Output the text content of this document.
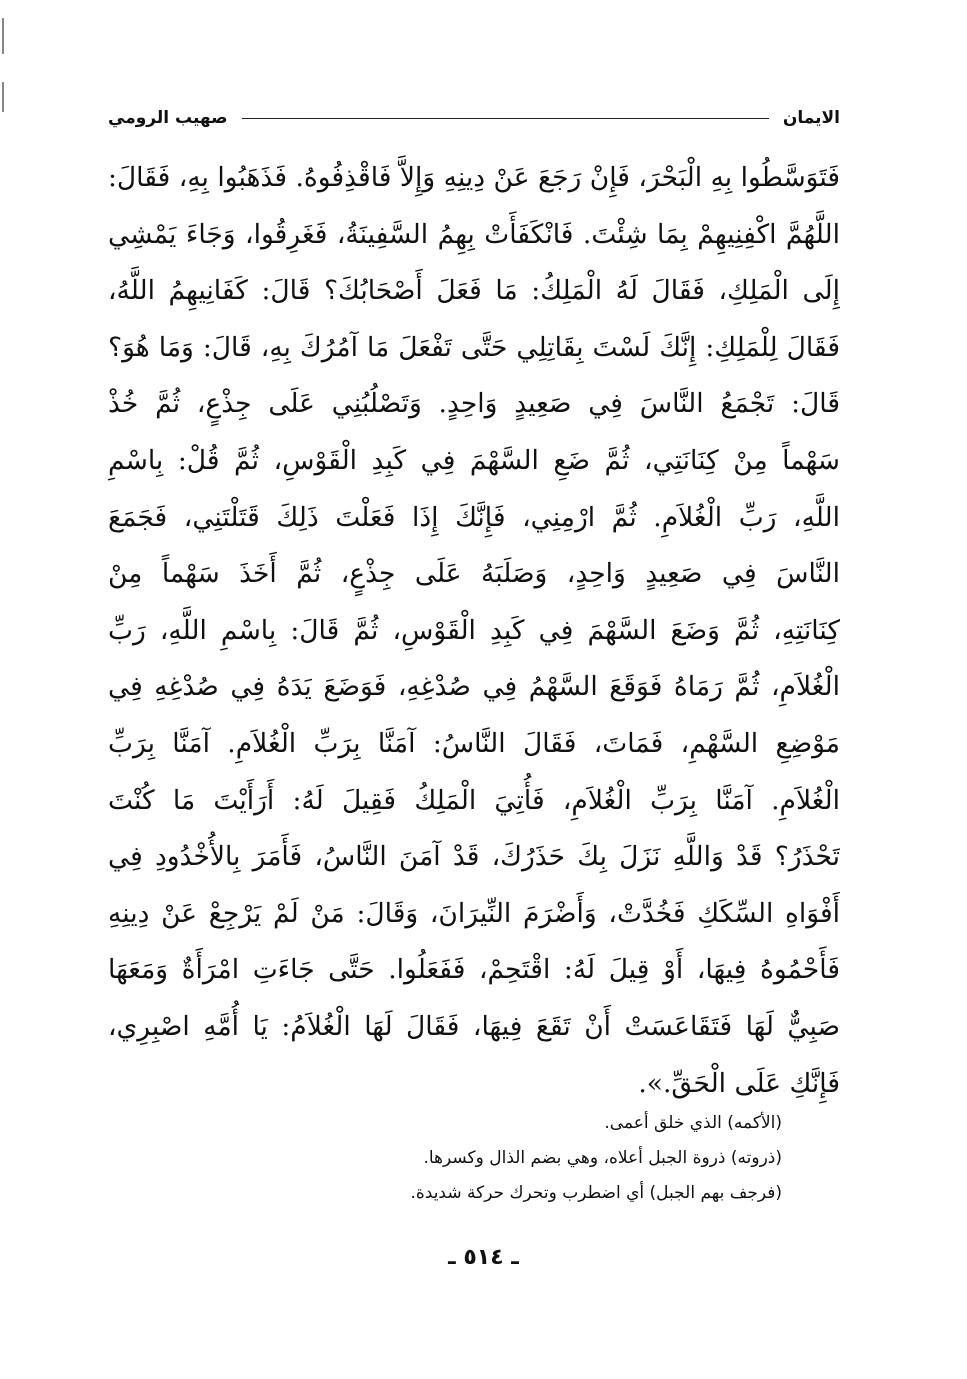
الايمان
صهيب الرومي
فَتَوَسَّطُوا بِهِ الْبَحْرَ، فَإِنْ رَجَعَ عَنْ دِينِهِ وَإِلاَّ فَاقْذِفُوهُ. فَذَهَبُوا بِهِ، فَقَالَ:
اللَّهُمَّ اكْفِنِيهِمْ بِمَا شِئْتَ. فَانْكَفَأَتْ بِهِمُ السَّفِينَةُ، فَغَرِقُوا، وَجَاءَ يَمْشِي
إِلَى الْمَلِكِ، فَقَالَ لَهُ الْمَلِكُ: مَا فَعَلَ أَصْحَابُكَ؟ قَالَ: كَفَانِيهِمُ اللَّهُ،
فَقَالَ لِلْمَلِكِ: إِنَّكَ لَسْتَ بِقَاتِلِي حَتَّى تَفْعَلَ مَا آمُرُكَ بِهِ، قَالَ: وَمَا هُوَ؟
قَالَ: تَجْمَعُ النَّاسَ فِي صَعِيدٍ وَاحِدٍ. وَتَصْلُبُنِي عَلَى جِذْعٍ، ثُمَّ خُذْ
سَهْماً مِنْ كِنَانَتِي، ثُمَّ ضَعِ السَّهْمَ فِي كَبِدِ الْقَوْسِ، ثُمَّ قُلْ: بِاسْمِ
اللَّهِ، رَبِّ الْغُلاَمِ. ثُمَّ ارْمِنِي، فَإِنَّكَ إِذَا فَعَلْتَ ذَلِكَ قَتَلْتَنِي، فَجَمَعَ
النَّاسَ فِي صَعِيدٍ وَاحِدٍ، وَصَلَبَهُ عَلَى جِذْعٍ، ثُمَّ أَخَذَ سَهْماً مِنْ
كِنَانَتِهِ، ثُمَّ وَضَعَ السَّهْمَ فِي كَبِدِ الْقَوْسِ، ثُمَّ قَالَ: بِاسْمِ اللَّهِ، رَبِّ
الْغُلاَمِ، ثُمَّ رَمَاهُ فَوَقَعَ السَّهْمُ فِي صُدْغِهِ، فَوَضَعَ يَدَهُ فِي صُدْغِهِ فِي
مَوْضِعِ السَّهْمِ، فَمَاتَ، فَقَالَ النَّاسُ: آمَنَّا بِرَبِّ الْغُلاَمِ. آمَنَّا بِرَبِّ
الْغُلاَمِ. آمَنَّا بِرَبِّ الْغُلاَمِ، فَأُتِيَ الْمَلِكُ فَقِيلَ لَهُ: أَرَأَيْتَ مَا كُنْتَ
تَحْذَرُ؟ قَدْ وَاللَّهِ نَزَلَ بِكَ حَذَرُكَ، قَدْ آمَنَ النَّاسُ، فَأَمَرَ بِالأُخْدُودِ فِي
أَفْوَاهِ السِّكَكِ فَخُدَّتْ، وَأَضْرَمَ النِّيرَانَ، وَقَالَ: مَنْ لَمْ يَرْجِعْ عَنْ دِينِهِ
فَأَحْمُوهُ فِيهَا، أَوْ قِيلَ لَهُ: اقْتَحِمْ، فَفَعَلُوا. حَتَّى جَاءَتِ امْرَأَةٌ وَمَعَهَا
صَبِيٌّ لَهَا فَتَقَاعَسَتْ أَنْ تَقَعَ فِيهَا، فَقَالَ لَهَا الْغُلاَمُ: يَا أُمَّهِ اصْبِرِي،
فَإِنَّكِ عَلَى الْحَقِّ.».
(الأكمه) الذي خلق أعمى.
(ذروته) ذروة الجبل أعلاه، وهي بضم الذال وكسرها.
(فرجف بهم الجبل) أي اضطرب وتحرك حركة شديدة.
ـ ٥١٤ ـ
